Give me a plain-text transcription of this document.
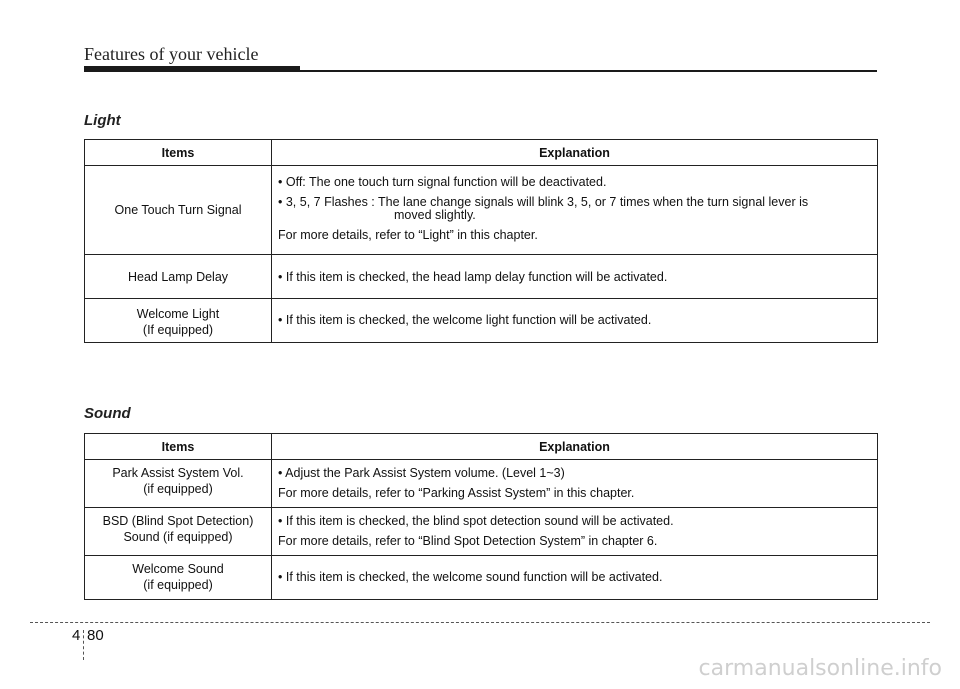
Features of your vehicle
Light
Items	Explanation
One Touch Turn Signal	• Off: The one touch turn signal function will be deactivated.
• 3, 5, 7 Flashes : The lane change signals will blink 3, 5, or 7 times when the turn signal lever is
moved slightly.
For more details, refer to “Light” in this chapter.

Head Lamp Delay	• If this item is checked, the head lamp delay function will be activated.

Welcome Light
(If equipped)	• If this item is checked, the welcome light function will be activated.
Sound
Items	Explanation

Park Assist System Vol.
(if equipped)	• Adjust the Park Assist System volume. (Level 1~3)
For more details, refer to “Parking Assist System” in this chapter.

BSD (Blind Spot Detection)
Sound (if equipped)	• If this item is checked, the blind spot detection sound will be activated.
For more details, refer to “Blind Spot Detection System” in chapter 6.

Welcome Sound
(if equipped)	• If this item is checked, the welcome sound function will be activated.
4 80
carmanualsonline.info
